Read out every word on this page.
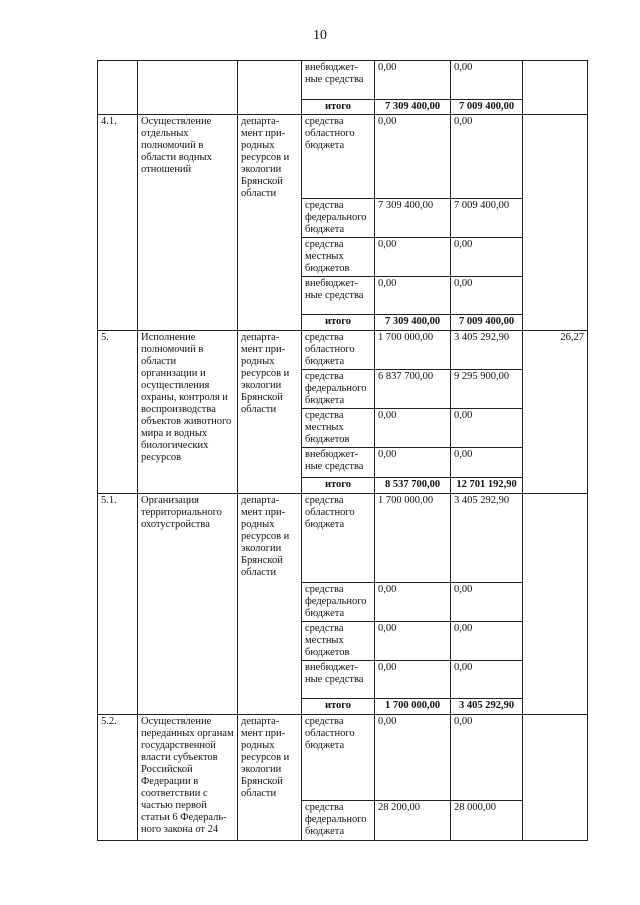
10
			внебюджет- ные средства	0,00	0,00	
			итого	7 309 400,00	7 009 400,00	
4.1.	Осуществление отдельных полномочий в области водных отношений	департа- мент при- родных ресурсов и экологии Брянской области	средства областного бюджета	0,00	0,00	
			средства федерального бюджета	7 309 400,00	7 009 400,00	
			средства местных бюджетов	0,00	0,00	
			внебюджет- ные средства	0,00	0,00	
			итого	7 309 400,00	7 009 400,00	
5.	Исполнение полномочий в области организации и осуществления охраны, контроля и воспроизводства объектов животного мира и водных биологических ресурсов	департа- мент при- родных ресурсов и экологии Брянской области	средства областного бюджета	1 700 000,00	3 405 292,90	26,27
			средства федерального бюджета	6 837 700,00	9 295 900,00	
			средства местных бюджетов	0,00	0,00	
			внебюджет- ные средства	0,00	0,00	
			итого	8 537 700,00	12 701 192,90	
5.1.	Организация территориального охотустройства	департа- мент при- родных ресурсов и экологии Брянской области	средства областного бюджета	1 700 000,00	3 405 292,90	
			средства федерального бюджета	0,00	0,00	
			средства местных бюджетов	0,00	0,00	
			внебюджет- ные средства	0,00	0,00	
			итого	1 700 000,00	3 405 292,90	
5.2.	Осуществление переданных органам государственной власти субъектов Российской Федерации в соответствии с частью первой статьи 6 Федераль- ного закона от 24	департа- мент при- родных ресурсов и экологии Брянской области	средства областного бюджета	0,00	0,00	
			средства федерального бюджета	28 200,00	28 000,00	
